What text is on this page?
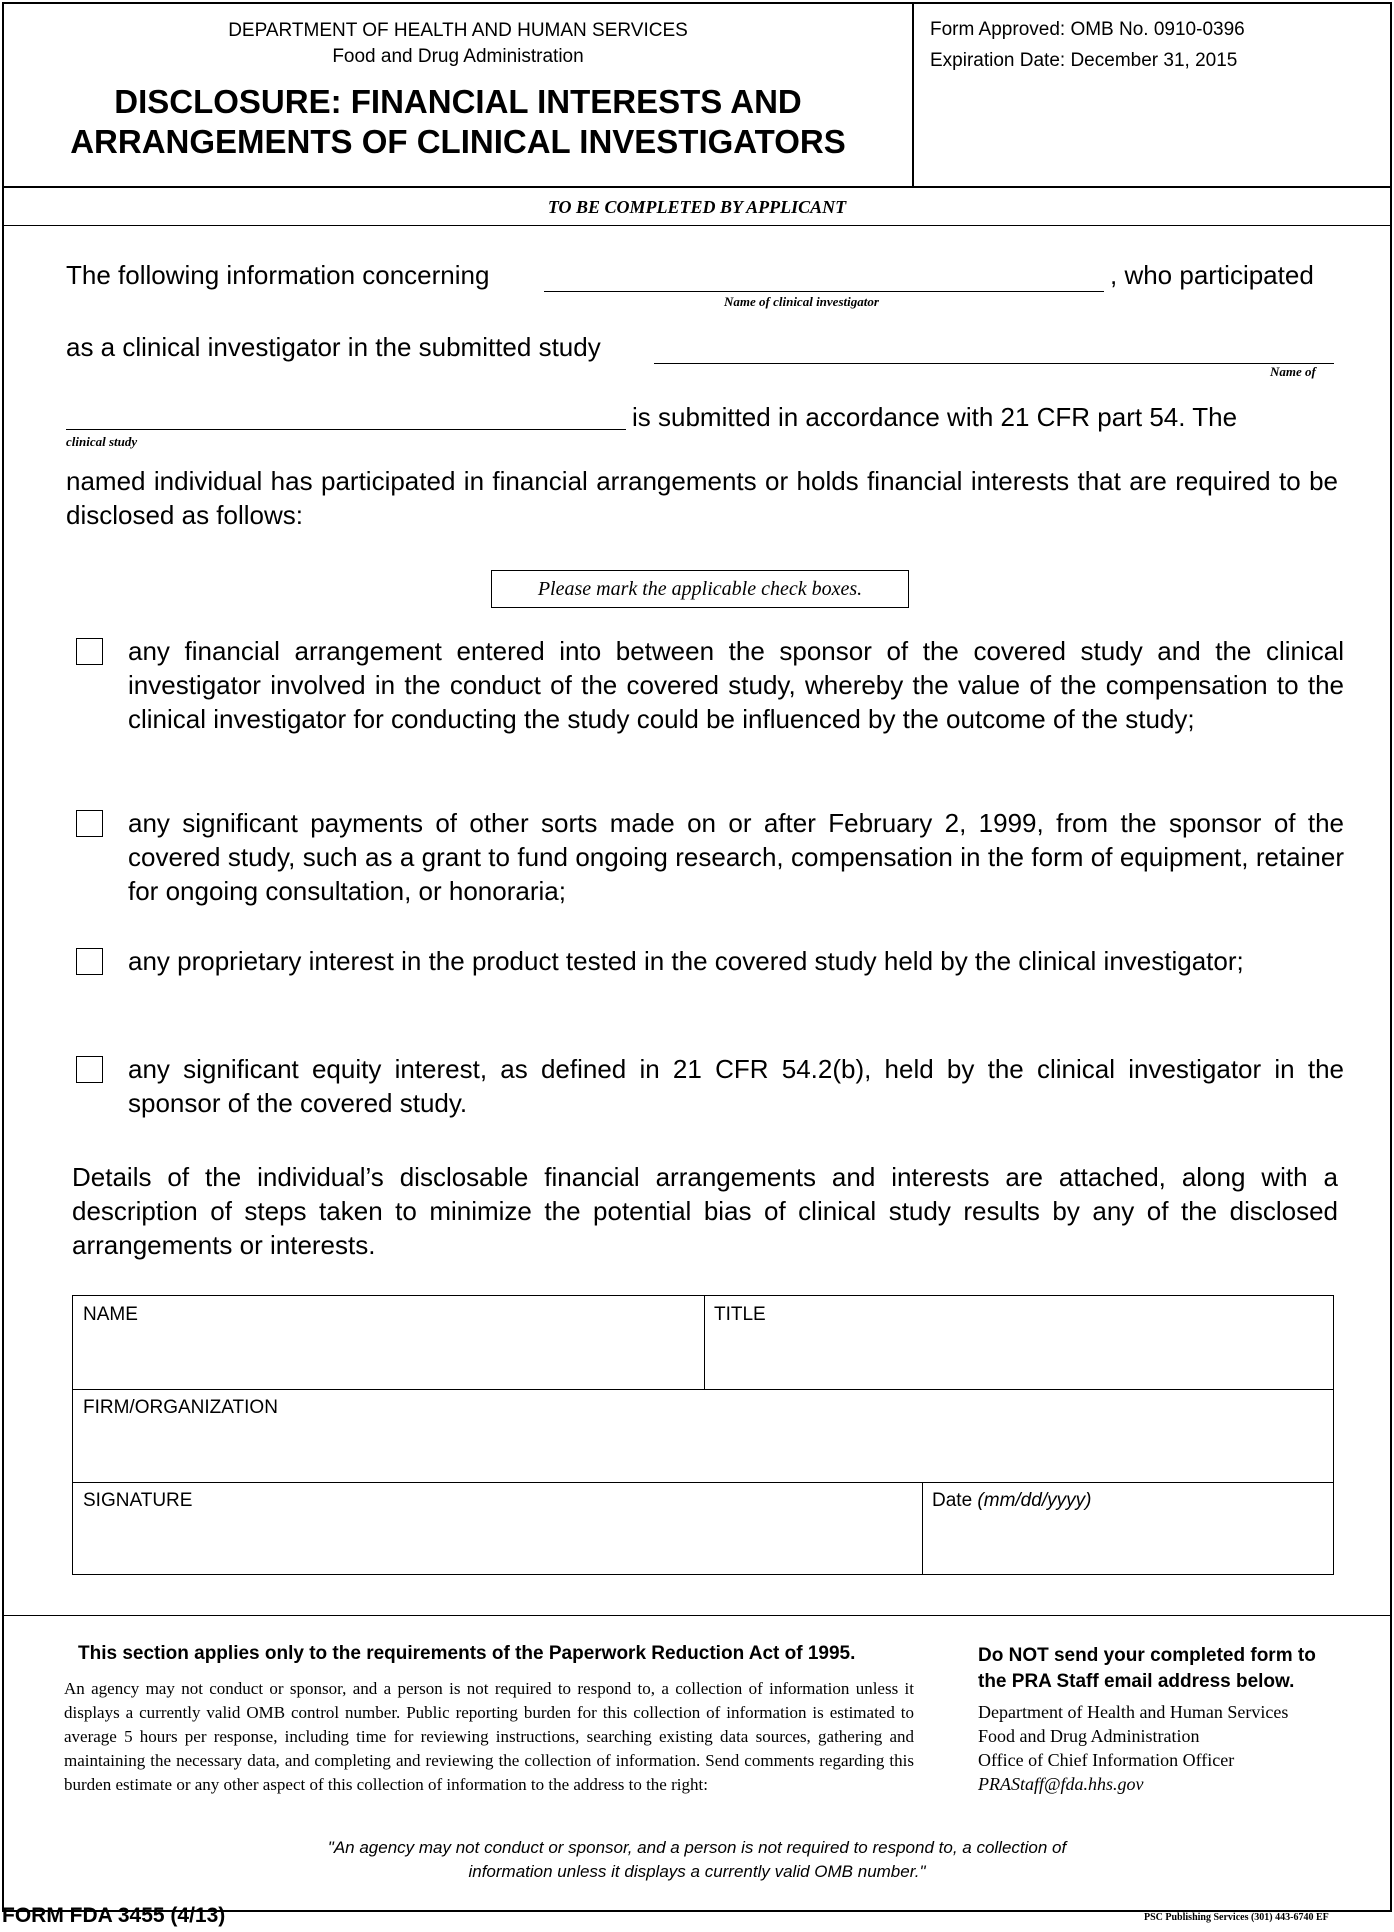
DEPARTMENT OF HEALTH AND HUMAN SERVICES
Food and Drug Administration
DISCLOSURE: FINANCIAL INTERESTS AND
ARRANGEMENTS OF CLINICAL INVESTIGATORS
Form Approved: OMB No. 0910-0396
Expiration Date: December 31, 2015
TO BE COMPLETED BY APPLICANT
The following information concerning	, who participated
Name of clinical investigator
as a clinical investigator in the submitted study
Name of
is submitted in accordance with 21 CFR part 54. The
clinical study
named individual has participated in financial arrangements or holds financial interests that are required to be disclosed as follows:
Please mark the applicable check boxes.
any financial arrangement entered into between the sponsor of the covered study and the clinical investigator involved in the conduct of the covered study, whereby the value of the compensation to the clinical investigator for conducting the study could be influenced by the outcome of the study;
any significant payments of other sorts made on or after February 2, 1999, from the sponsor of the covered study, such as a grant to fund ongoing research, compensation in the form of equipment, retainer for ongoing consultation, or honoraria;
any proprietary interest in the product tested in the covered study held by the clinical investigator;
any significant equity interest, as defined in 21 CFR 54.2(b), held by the clinical investigator in the sponsor of the covered study.
Details of the individual’s disclosable financial arrangements and interests are attached, along with a description of steps taken to minimize the potential bias of clinical study results by any of the disclosed arrangements or interests.
NAME	TITLE
FIRM/ORGANIZATION
SIGNATURE	Date (mm/dd/yyyy)
This section applies only to the requirements of the Paperwork Reduction Act of 1995.
An agency may not conduct or sponsor, and a person is not required to respond to, a collection of information unless it displays a currently valid OMB control number. Public reporting burden for this collection of information is estimated to average 5 hours per response, including time for reviewing instructions, searching existing data sources, gathering and maintaining the necessary data, and completing and reviewing the collection of information. Send comments regarding this burden estimate or any other aspect of this collection of information to the address to the right:
Do NOT send your completed form to
the PRA Staff email address below.
Department of Health and Human Services
Food and Drug Administration
Office of Chief Information Officer
PRAStaff@fda.hhs.gov
"An agency may not conduct or sponsor, and a person is not required to respond to, a collection of
information unless it displays a currently valid OMB number."
FORM FDA 3455 (4/13)	PSC Publishing Services (301) 443-6740 EF
